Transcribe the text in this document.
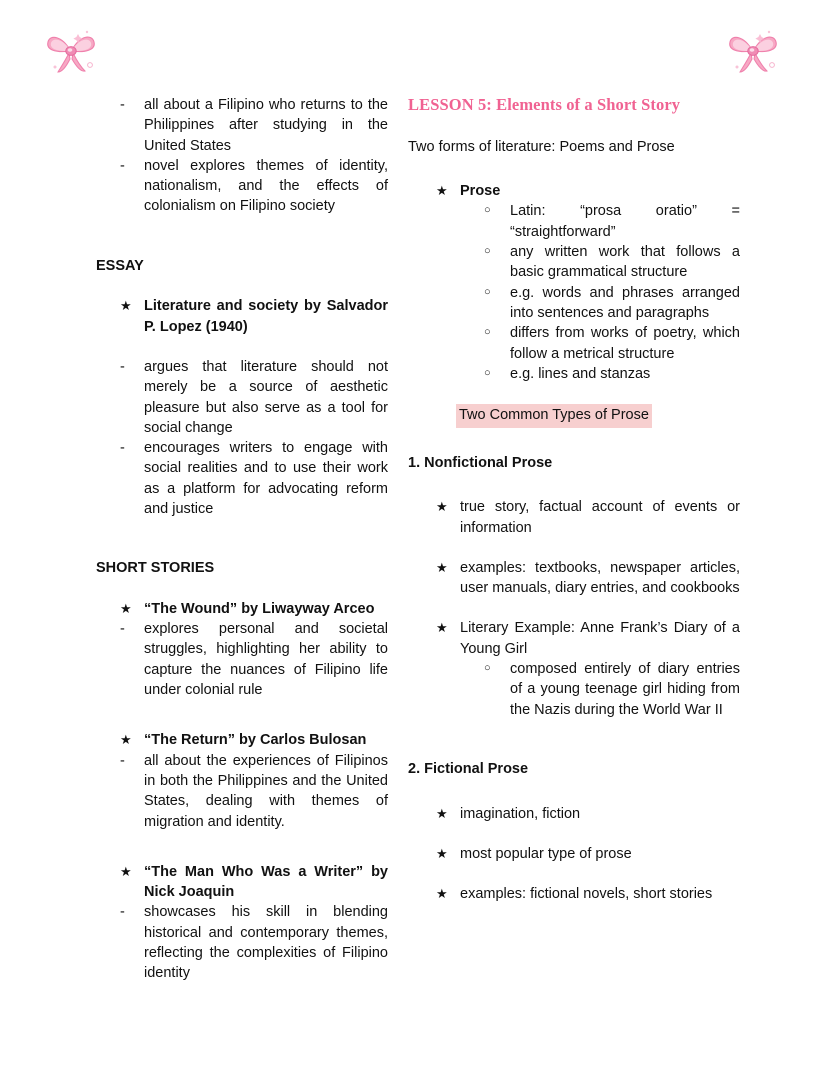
-	all about a Filipino who returns to the Philippines after studying in the United States
-	novel explores themes of identity, nationalism, and the effects of colonialism on Filipino society
ESSAY
★ Literature and society by Salvador P. Lopez (1940)
-	argues that literature should not merely be a source of aesthetic pleasure but also serve as a tool for social change
-	encourages writers to engage with social realities and to use their work as a platform for advocating reform and justice
SHORT STORIES
★ “The Wound” by Liwayway Arceo
-	explores personal and societal struggles, highlighting her ability to capture the nuances of Filipino life under colonial rule
★ “The Return” by Carlos Bulosan
-	all about the experiences of Filipinos in both the Philippines and the United States, dealing with themes of migration and identity.
★ “The Man Who Was a Writer” by Nick Joaquin
-	showcases his skill in blending historical and contemporary themes, reflecting the complexities of Filipino identity
LESSON 5: Elements of a Short Story

Two forms of literature: Poems and Prose

★ Prose
○	Latin: “prosa oratio” = “straightforward”
○	any written work that follows a basic grammatical structure
○	e.g. words and phrases arranged into sentences and paragraphs
○	differs from works of poetry, which follow a metrical structure
○	e.g. lines and stanzas
Two Common Types of Prose
1. Nonfictional Prose
★ true story, factual account of events or information
★ examples: textbooks, newspaper articles, user manuals, diary entries, and cookbooks
★ Literary Example: Anne Frank’s Diary of a Young Girl
○	composed entirely of diary entries of a young teenage girl hiding from the Nazis during the World War II
2. Fictional Prose
★ imagination, fiction
★ most popular type of prose
★ examples: fictional novels, short stories
